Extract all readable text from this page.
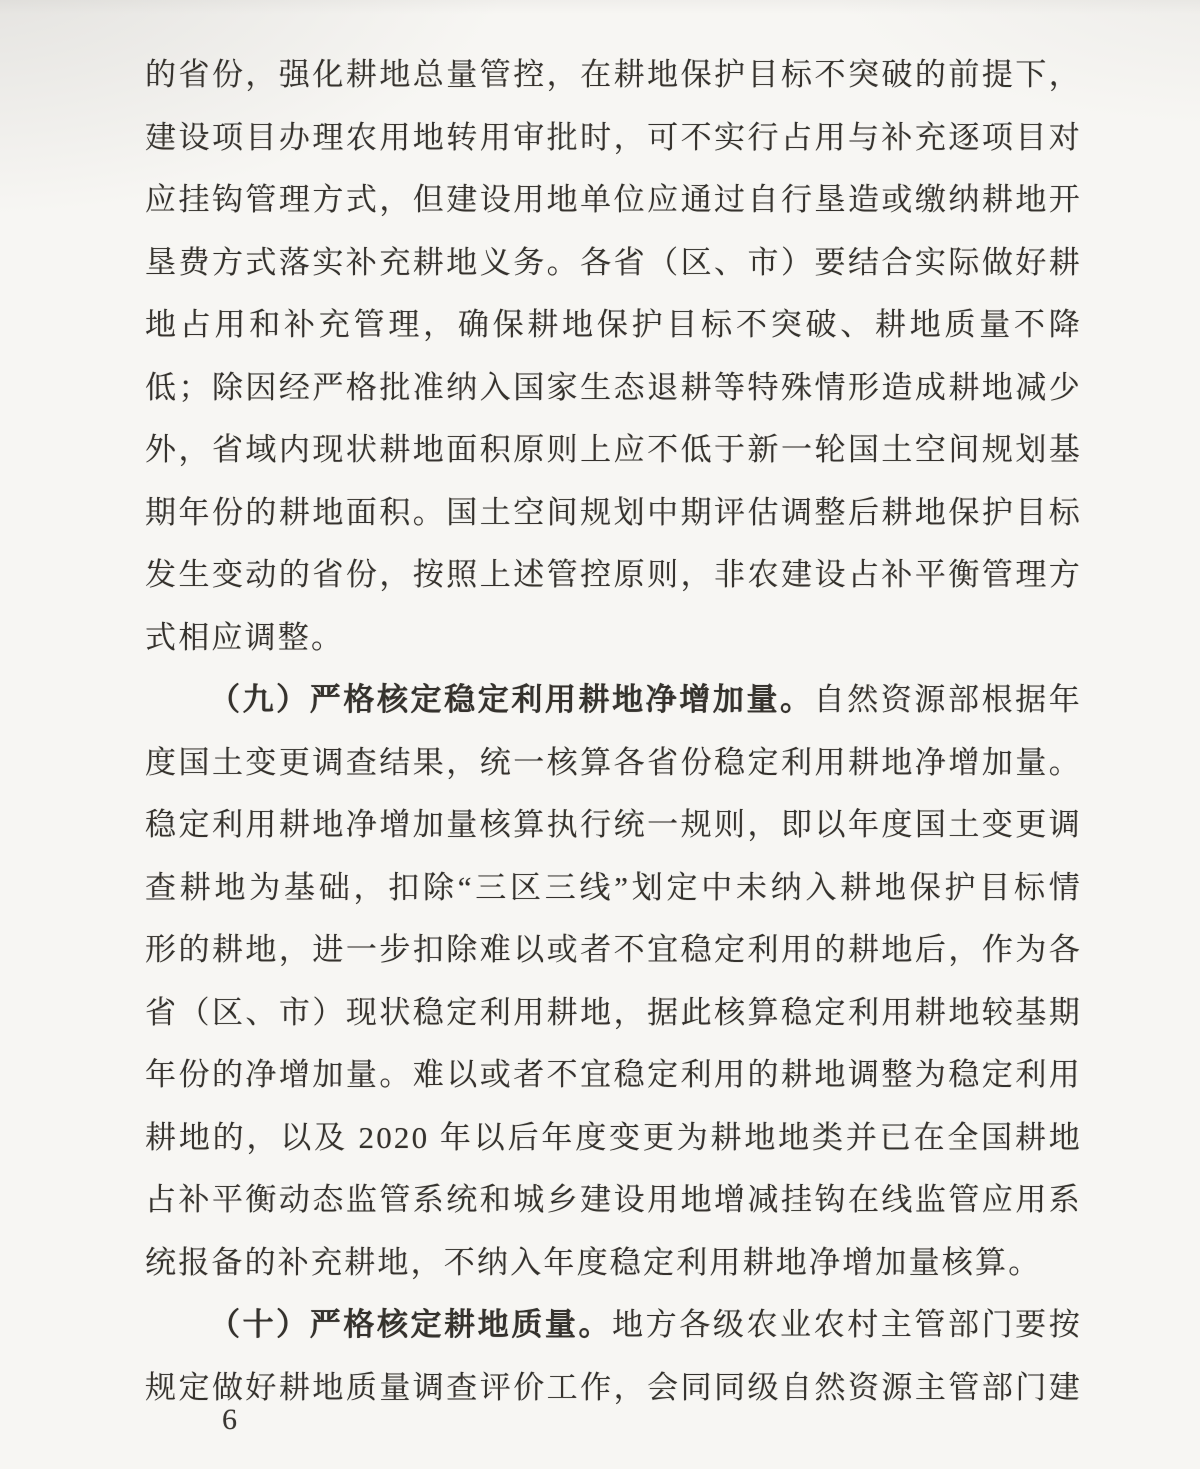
的省份，强化耕地总量管控，在耕地保护目标不突破的前提下，
建设项目办理农用地转用审批时，可不实行占用与补充逐项目对
应挂钩管理方式，但建设用地单位应通过自行垦造或缴纳耕地开
垦费方式落实补充耕地义务。各省（区、市）要结合实际做好耕
地占用和补充管理，确保耕地保护目标不突破、耕地质量不降
低；除因经严格批准纳入国家生态退耕等特殊情形造成耕地减少
外，省域内现状耕地面积原则上应不低于新一轮国土空间规划基
期年份的耕地面积。国土空间规划中期评估调整后耕地保护目标
发生变动的省份，按照上述管控原则，非农建设占补平衡管理方
式相应调整。
（九）严格核定稳定利用耕地净增加量。自然资源部根据年
度国土变更调查结果，统一核算各省份稳定利用耕地净增加量。
稳定利用耕地净增加量核算执行统一规则，即以年度国土变更调
查耕地为基础，扣除“三区三线”划定中未纳入耕地保护目标情
形的耕地，进一步扣除难以或者不宜稳定利用的耕地后，作为各
省（区、市）现状稳定利用耕地，据此核算稳定利用耕地较基期
年份的净增加量。难以或者不宜稳定利用的耕地调整为稳定利用
耕地的，以及 2020 年以后年度变更为耕地地类并已在全国耕地
占补平衡动态监管系统和城乡建设用地增减挂钩在线监管应用系
统报备的补充耕地，不纳入年度稳定利用耕地净增加量核算。
（十）严格核定耕地质量。地方各级农业农村主管部门要按
规定做好耕地质量调查评价工作，会同同级自然资源主管部门建
6
